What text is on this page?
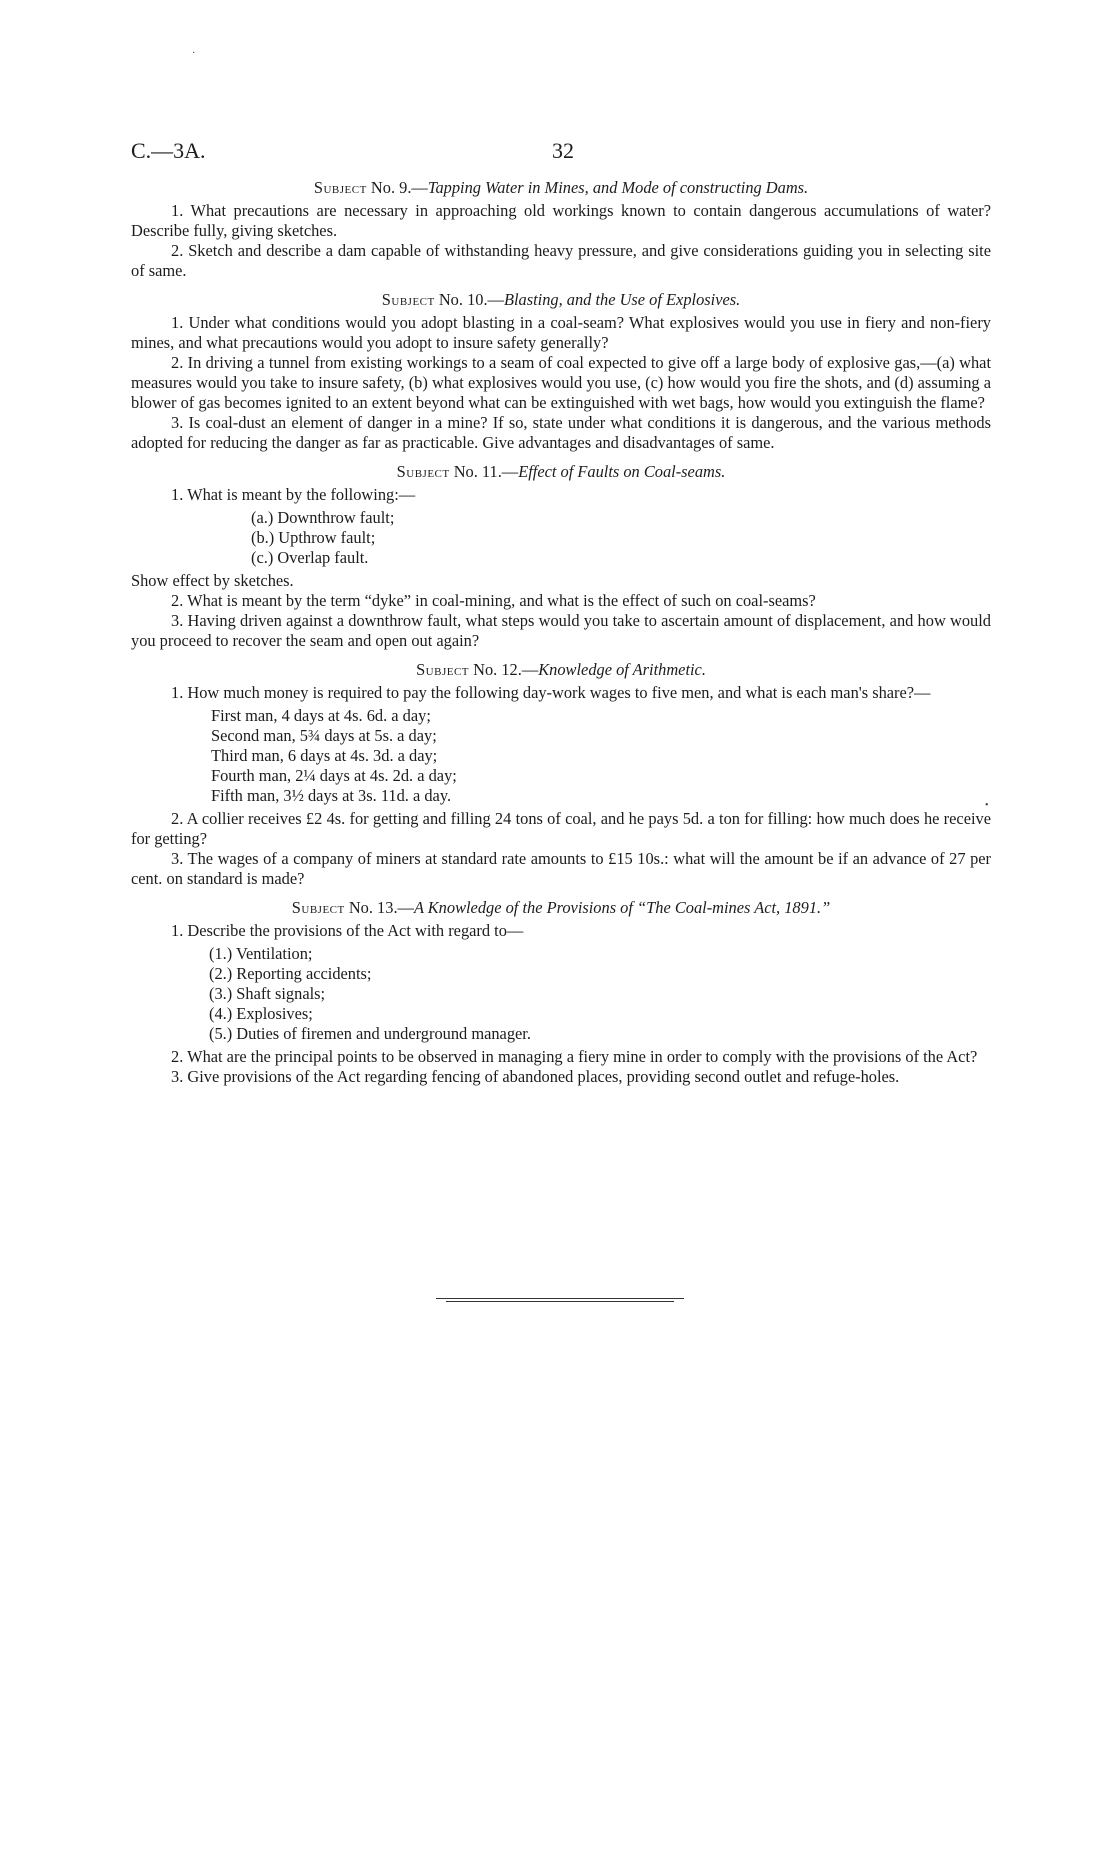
C.—3A.	32
Subject No. 9.—Tapping Water in Mines, and Mode of constructing Dams.

1. What precautions are necessary in approaching old workings known to contain dangerous accumulations of water? Describe fully, giving sketches.

2. Sketch and describe a dam capable of withstanding heavy pressure, and give considerations guiding you in selecting site of same.

Subject No. 10.—Blasting, and the Use of Explosives.

1. Under what conditions would you adopt blasting in a coal-seam? What explosives would you use in fiery and non-fiery mines, and what precautions would you adopt to insure safety generally?

2. In driving a tunnel from existing workings to a seam of coal expected to give off a large body of explosive gas,—(a) what measures would you take to insure safety, (b) what explosives would you use, (c) how would you fire the shots, and (d) assuming a blower of gas becomes ignited to an extent beyond what can be extinguished with wet bags, how would you extinguish the flame?

3. Is coal-dust an element of danger in a mine? If so, state under what conditions it is dangerous, and the various methods adopted for reducing the danger as far as practicable. Give advantages and disadvantages of same.

Subject No. 11.—Effect of Faults on Coal-seams.

1. What is meant by the following:—

(a.) Downthrow fault;
(b.) Upthrow fault;
(c.) Overlap fault.

Show effect by sketches.

2. What is meant by the term “dyke” in coal-mining, and what is the effect of such on coal-seams?

3. Having driven against a downthrow fault, what steps would you take to ascertain amount of displacement, and how would you proceed to recover the seam and open out again?

Subject No. 12.—Knowledge of Arithmetic.

1. How much money is required to pay the following day-work wages to five men, and what is each man's share?—

First man, 4 days at 4s. 6d. a day;
Second man, 5¾ days at 5s. a day;
Third man, 6 days at 4s. 3d. a day;
Fourth man, 2¼ days at 4s. 2d. a day;
Fifth man, 3½ days at 3s. 11d. a day.

2. A collier receives £2 4s. for getting and filling 24 tons of coal, and he pays 5d. a ton for filling: how much does he receive for getting?

3. The wages of a company of miners at standard rate amounts to £15 10s.: what will the amount be if an advance of 27 per cent. on standard is made?

Subject No. 13.—A Knowledge of the Provisions of “The Coal-mines Act, 1891.”

1. Describe the provisions of the Act with regard to—

(1.) Ventilation;
(2.) Reporting accidents;
(3.) Shaft signals;
(4.) Explosives;
(5.) Duties of firemen and underground manager.

2. What are the principal points to be observed in managing a fiery mine in order to comply with the provisions of the Act?

3. Give provisions of the Act regarding fencing of abandoned places, providing second outlet and refuge-holes.

·
•
